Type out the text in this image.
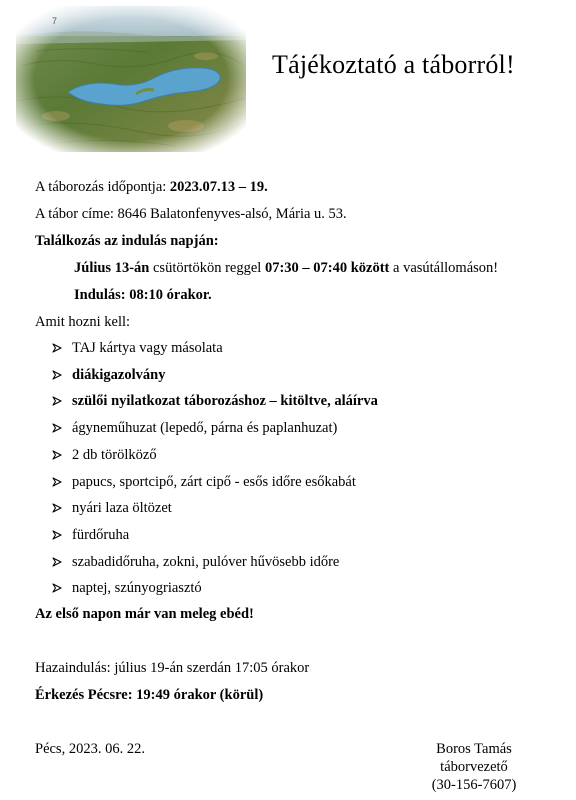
7
Tájékoztató a táborról!
A táborozás időpontja: 2023.07.13 – 19.
A tábor címe: 8646 Balatonfenyves-alsó, Mária u. 53.
Találkozás az indulás napján:
Július 13-án csütörtökön reggel 07:30 – 07:40 között a vasútállomáson!
Indulás: 08:10 órakor.
Amit hozni kell:
TAJ kártya vagy másolata
diákigazolvány
szülői nyilatkozat táborozáshoz – kitöltve, aláírva
ágyneműhuzat (lepedő, párna és paplanhuzat)
2 db törölköző
papucs, sportcipő, zárt cipő - esős időre esőkabát
nyári laza öltözet
fürdőruha
szabadidőruha, zokni, pulóver hűvösebb időre
naptej, szúnyogriasztó
Az első napon már van meleg ebéd!
Hazaindulás: július 19-án szerdán 17:05 órakor
Érkezés Pécsre: 19:49 órakor (körül)
Pécs, 2023. 06. 22.	Boros Tamás
táborvezető
(30-156-7607)
